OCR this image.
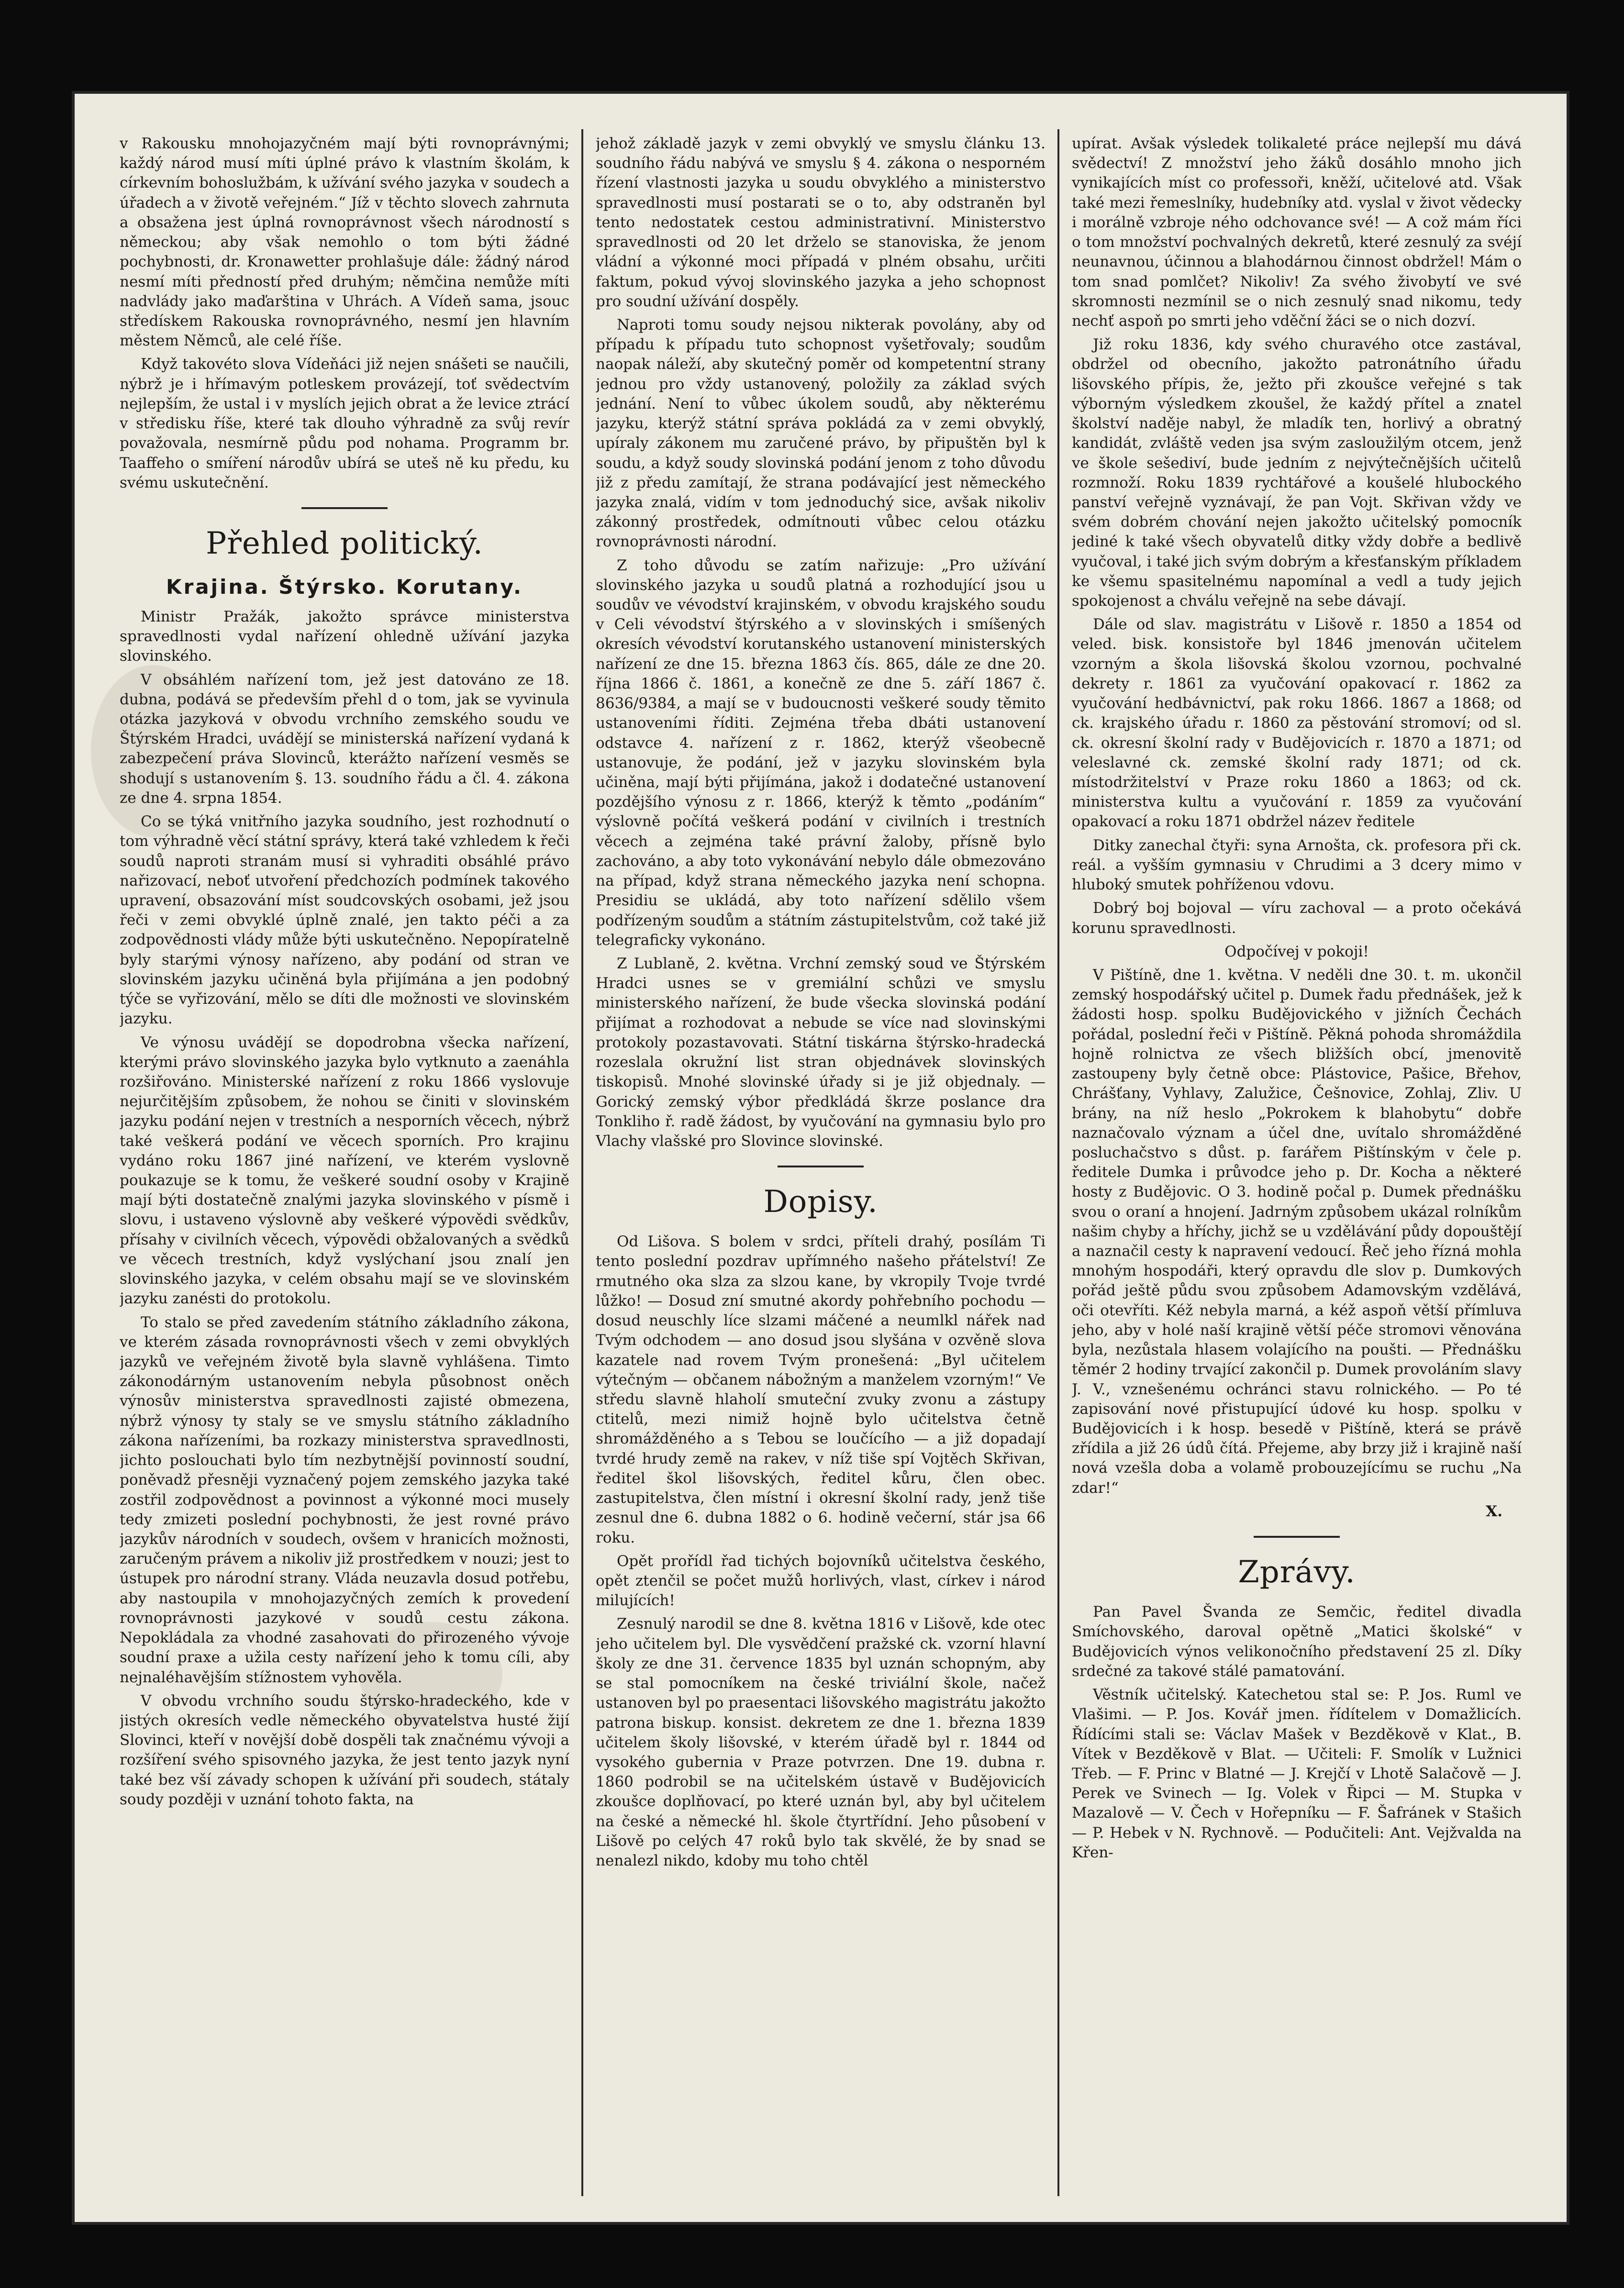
v Rakousku mnohojazyčném mají býti rovnoprávnými; každý národ musí míti úplné právo k vlastním školám, k církevním bohoslužbám, k užívání svého jazyka v soudech a úřadech a v životě veřejném.“ Jíž v těchto slovech zahrnuta a obsažena jest úplná rovnoprávnost všech národností s německou; aby však nemohlo o tom býti žádné pochybnosti, dr. Kronawetter prohlašuje dále: žádný národ nesmí míti předností před druhým; němčina nemůže míti nadvlády jako maďarština v Uhrách. A Vídeň sama, jsouc středískem Rakouska rovnoprávného, nesmí jen hlavním městem Němců, ale celé říše.

Když takovéto slova Vídeňáci již nejen snášeti se naučili, nýbrž je i hřímavým potleskem provázejí, toť svědectvím nejlepším, že ustal i v myslích jejich obrat a že levice ztrácí v středisku říše, které tak dlouho výhradně za svůj revír považovala, nesmírně půdu pod nohama. Programm br. Taaffeho o smíření národův ubírá se uteš ně ku předu, ku svému uskutečnění.

Přehled politický.
Krajina. Štýrsko. Korutany.

Ministr Pražák, jakožto správce ministerstva spravedlnosti vydal nařízení ohledně užívání jazyka slovinského.

V obsáhlém nařízení tom, jež jest datováno ze 18. dubna, podává se především přehl d o tom, jak se vyvinula otázka jazyková v obvodu vrchního zemského soudu ve Štýrském Hradci, uvádějí se ministerská nařízení vydaná k zabezpečení práva Slovinců, kterážto nařízení vesměs se shodují s ustanovením §. 13. soudního řádu a čl. 4. zákona ze dne 4. srpna 1854.

Co se týká vnitřního jazyka soudního, jest rozhodnutí o tom výhradně věcí státní správy, která také vzhledem k řeči soudů naproti stranám musí si vyhraditi obsáhlé právo nařizovací, neboť utvoření předchozích podmínek takového upravení, obsazování míst soudcovských osobami, jež jsou řeči v zemi obvyklé úplně znalé, jen takto péči a za zodpovědnosti vlády může býti uskutečněno. Nepopíratelně byly starými výnosy nařízeno, aby podání od stran ve slovinském jazyku učiněná byla přijímána a jen podobný týče se vyřizování, mělo se díti dle možnosti ve slovinském jazyku.

Ve výnosu uvádějí se dopodrobna všecka nařízení, kterými právo slovinského jazyka bylo vytknuto a zaenáhla rozšiřováno. Ministerské nařízení z roku 1866 vyslovuje nejurčitějším způsobem, že nohou se činiti v slovinském jazyku podání nejen v trestních a nesporních věcech, nýbrž také veškerá podání ve věcech sporních. Pro krajinu vydáno roku 1867 jiné nařízení, ve kterém vyslovně poukazuje se k tomu, že veškeré soudní osoby v Krajině mají býti dostatečně znalými jazyka slovinského v písmě i slovu, i ustaveno výslovně aby veškeré výpovědi svědkův, přísahy v civilních věcech, výpovědi obžalovaných a svědků ve věcech trestních, když vyslýchaní jsou znalí jen slovinského jazyka, v celém obsahu mají se ve slovinském jazyku zanésti do protokolu.

To stalo se před zavedením státního základního zákona, ve kterém zásada rovnoprávnosti všech v zemi obvyklých jazyků ve veřejném životě byla slavně vyhlášena. Timto zákonodárným ustanovením nebyla působnost oněch výnosův ministerstva spravedlnosti zajisté obmezena, nýbrž výnosy ty staly se ve smyslu státního základního zákona nařízeními, ba rozkazy ministerstva spravedlnosti, jichto poslouchati bylo tím nezbytnější povinností soudní, poněvadž přesněji vyznačený pojem zemského jazyka také zostřil zodpovědnost a povinnost a výkonné moci musely tedy zmizeti poslední pochybnosti, že jest rovné právo jazykův národních v soudech, ovšem v hranicích možnosti, zaručeným právem a nikoliv již prostředkem v nouzi; jest to ústupek pro národní strany. Vláda neuzavla dosud potřebu, aby nastoupila v mnohojazyčných zemích k provedení rovnoprávnosti jazykové v soudů cestu zákona. Nepokládala za vhodné zasahovati do přirozeného vývoje soudní praxe a užila cesty nařízení jeho k tomu cíli, aby nejnaléhavějším stížnostem vyhověla.

V obvodu vrchního soudu štýrsko-hradeckého, kde v jistých okresích vedle německého obyvatelstva husté žijí Slovinci, kteří v novější době dospěli tak značnému vývoji a rozšíření svého spisovného jazyka, že jest tento jazyk nyní také bez vší závady schopen k užívání při soudech, státaly soudy později v uznání tohoto fakta, na

jehož základě jazyk v zemi obvyklý ve smyslu článku 13. soudního řádu nabývá ve smyslu § 4. zákona o nesporném řízení vlastnosti jazyka u soudu obvyklého a ministerstvo spravedlnosti musí postarati se o to, aby odstraněn byl tento nedostatek cestou administrativní. Ministerstvo spravedlnosti od 20 let drželo se stanoviska, že jenom vládní a výkonné moci případá v plném obsahu, určiti faktum, pokud vývoj slovinského jazyka a jeho schopnost pro soudní užívání dospěly.

Naproti tomu soudy nejsou nikterak povolány, aby od případu k případu tuto schopnost vyšetřovaly; soudům naopak náleží, aby skutečný poměr od kompetentní strany jednou pro vždy ustanovený, položily za základ svých jednání. Není to vůbec úkolem soudů, aby některému jazyku, kterýž státní správa pokládá za v zemi obvyklý, upíraly zákonem mu zaručené právo, by připuštěn byl k soudu, a když soudy slovinská podání jenom z toho důvodu již z předu zamítají, že strana podávající jest německého jazyka znalá, vidím v tom jednoduchý sice, avšak nikoliv zákonný prostředek, odmítnouti vůbec celou otázku rovnoprávnosti národní.

Z toho důvodu se zatím nařizuje: „Pro užívání slovinského jazyka u soudů platná a rozhodující jsou u soudův ve vévodství krajinském, v obvodu krajského soudu v Celi vévodství štýrského a v slovinských i smíšených okresích vévodství korutanského ustanovení ministerských nařízení ze dne 15. března 1863 čís. 865, dále ze dne 20. října 1866 č. 1861, a konečně ze dne 5. září 1867 č. 8636/9384, a mají se v budoucnosti veškeré soudy těmito ustanoveními říditi. Zejména třeba dbáti ustanovení odstavce 4. nařízení z r. 1862, kterýž všeobecně ustanovuje, že podání, jež v jazyku slovinském byla učiněna, mají býti přijímána, jakož i dodatečné ustanovení pozdějšího výnosu z r. 1866, kterýž k těmto „podáním“ výslovně počítá veškerá podání v civilních i trestních věcech a zejména také právní žaloby, přísně bylo zachováno, a aby toto vykonávání nebylo dále obmezováno na případ, když strana německého jazyka není schopna. Presidiu se ukládá, aby toto nařízení sdělilo všem podřízeným soudům a státním zástupitelstvům, což také již telegraficky vykonáno.

Z Lublaně, 2. května. Vrchní zemský soud ve Štýrském Hradci usnes se v gremiální schůzi ve smyslu ministerského nařízení, že bude všecka slovinská podání přijímat a rozhodovat a nebude se více nad slovinskými protokoly pozastavovati. Státní tiskárna štýrsko-hradecká rozeslala okružní list stran objednávek slovinských tiskopisů. Mnohé slovinské úřady si je již objednaly. — Gorický zemský výbor předkládá škrze poslance dra Tonkliho ř. radě žádost, by vyučování na gymnasiu bylo pro Vlachy vlašské pro Slovince slovinské.

Dopisy.

Od Lišova. S bolem v srdci, příteli drahý, posílám Ti tento poslední pozdrav upřímného našeho přátelství! Ze rmutného oka slza za slzou kane, by vkropily Tvoje tvrdé lůžko! — Dosud zní smutné akordy pohřebního pochodu — dosud neuschly líce slzami máčené a neumlkl nářek nad Tvým odchodem — ano dosud jsou slyšána v ozvěně slova kazatele nad rovem Tvým pronešená: „Byl učitelem výtečným — občanem nábožným a manželem vzorným!“ Ve středu slavně hlaholí smuteční zvuky zvonu a zástupy ctitelů, mezi nimiž hojně bylo učitelstva četně shromážděného a s Tebou se loučícího — a již dopadají tvrdé hrudy země na rakev, v níž tiše spí Vojtěch Skřivan, ředitel škol lišovských, ředitel kůru, člen obec. zastupitelstva, člen místní i okresní školní rady, jenž tiše zesnul dne 6. dubna 1882 o 6. hodině večerní, stár jsa 66 roku.

Opět prořídl řad tichých bojovníků učitelstva českého, opět ztenčil se počet mužů horlivých, vlast, církev i národ milujících!

Zesnulý narodil se dne 8. května 1816 v Lišově, kde otec jeho učitelem byl. Dle vysvědčení pražské ck. vzorní hlavní školy ze dne 31. července 1835 byl uznán schopným, aby se stal pomocníkem na české triviální škole, načež ustanoven byl po praesentaci lišovského magistrátu jakožto patrona biskup. konsist. dekretem ze dne 1. března 1839 učitelem školy lišovské, v kterém úřadě byl r. 1844 od vysokého gubernia v Praze potvrzen. Dne 19. dubna r. 1860 podrobil se na učitelském ústavě v Budějovicích zkoušce doplňovací, po které uznán byl, aby byl učitelem na české a německé hl. škole čtyrtřídní. Jeho působení v Lišově po celých 47 roků bylo tak skvělé, že by snad se nenalezl nikdo, kdoby mu toho chtěl

upírat. Avšak výsledek tolikaleté práce nejlepší mu dává svědectví! Z množství jeho žáků dosáhlo mnoho jich vynikajících míst co professoři, kněží, učitelové atd. Však také mezi řemeslníky, hudebníky atd. vyslal v život vědecky i morálně vzbroje ného odchovance své! — A což mám říci o tom množství pochvalných dekretů, které zesnulý za svéjí neunavnou, účinnou a blahodárnou činnost obdržel! Mám o tom snad pomlčet? Nikoliv! Za svého živobytí ve své skromnosti nezmínil se o nich zesnulý snad nikomu, tedy nechť aspoň po smrti jeho vděční žáci se o nich dozví.

Již roku 1836, kdy svého churavého otce zastával, obdržel od obecního, jakožto patronátního úřadu lišovského přípis, že, ježto při zkoušce veřejné s tak výborným výsledkem zkoušel, že každý přítel a znatel školství naděje nabyl, že mladík ten, horlivý a obratný kandidát, zvláště veden jsa svým zasloužilým otcem, jenž ve škole sešediví, bude jedním z nejvýtečnějších učitelů rozmnoží. Roku 1839 rychtářové a koušelé hlubockého panství veřejně vyznávají, že pan Vojt. Skřivan vždy ve svém dobrém chování nejen jakožto učitelský pomocník jediné k také všech obyvatelů ditky vždy dobře a bedlivě vyučoval, i také jich svým dobrým a křesťanským příkladem ke všemu spasitelnému napomínal a vedl a tudy jejich spokojenost a chválu veřejně na sebe dávají.

Dále od slav. magistrátu v Lišově r. 1850 a 1854 od veled. bisk. konsistoře byl 1846 jmenován učitelem vzorným a škola lišovská školou vzornou, pochvalné dekrety r. 1861 za vyučování opakovací r. 1862 za vyučování hedbávnictví, pak roku 1866. 1867 a 1868; od ck. krajského úřadu r. 1860 za pěstování stromoví; od sl. ck. okresní školní rady v Budějovicích r. 1870 a 1871; od veleslavné ck. zemské školní rady 1871; od ck. místodržitelství v Praze roku 1860 a 1863; od ck. ministerstva kultu a vyučování r. 1859 za vyučování opakovací a roku 1871 obdržel název ředitele

Ditky zanechal čtyři: syna Arnošta, ck. profesora při ck. reál. a vyšším gymnasiu v Chrudimi a 3 dcery mimo v hluboký smutek pohříženou vdovu.

Dobrý boj bojoval — víru zachoval — a proto očekává korunu spravedlnosti.

Odpočívej v pokoji!

V Pištíně, dne 1. května. V neděli dne 30. t. m. ukončil zemský hospodářský učitel p. Dumek řadu přednášek, jež k žádosti hosp. spolku Budějovického v jižních Čechách pořádal, poslední řeči v Pištíně. Pěkná pohoda shromáždila hojně rolnictva ze všech bližších obcí, jmenovitě zastoupeny byly četně obce: Plástovice, Pašice, Břehov, Chrášťany, Vyhlavy, Zalužice, Češnovice, Zohlaj, Zliv. U brány, na níž heslo „Pokrokem k blahobytu“ dobře naznačovalo význam a účel dne, uvítalo shromážděné posluchačstvo s důst. p. farářem Pištínským v čele p. ředitele Dumka i průvodce jeho p. Dr. Kocha a některé hosty z Budějovic. O 3. hodině počal p. Dumek přednášku svou o oraní a hnojení. Jadrným způsobem ukázal rolníkům našim chyby a hříchy, jichž se u vzdělávání půdy dopouštějí a naznačil cesty k napravení vedoucí. Řeč jeho řízná mohla mnohým hospodáři, který opravdu dle slov p. Dumkových pořád ještě půdu svou způsobem Adamovským vzdělává, oči otevříti. Kéž nebyla marná, a kéž aspoň větší přímluva jeho, aby v holé naší krajině větší péče stromovi věnována byla, nezůstala hlasem volajícího na poušti. — Přednášku těmér 2 hodiny trvající zakončil p. Dumek provoláním slavy J. V., vznešenému ochránci stavu rolnického. — Po té zapisování nové přistupující údové ku hosp. spolku v Budějovicích i k hosp. besedě v Pištíně, která se právě zřídila a již 26 údů čítá. Přejeme, aby brzy již i krajině naší nová vzešla doba a volamě probouzejícímu se ruchu „Na zdar!“

X.
Zprávy.

Pan Pavel Švanda ze Semčic, ředitel divadla Smíchovského, daroval opětně „Matici školské“ v Budějovicích výnos velikonočního představení 25 zl. Díky srdečné za takové stálé pamatování.

Věstník učitelský. Katechetou stal se: P. Jos. Ruml ve Vlašimi. — P. Jos. Kovář jmen. řídítelem v Domažlicích. Řídícími stali se: Václav Mašek v Bezděkově v Klat., B. Vítek v Bezděkově v Blat. — Učiteli: F. Smolík v Lužnici Třeb. — F. Princ v Blatné — J. Krejčí v Lhotě Salačově — J. Perek ve Svinech — Ig. Volek v Řipci — M. Stupka v Mazalově — V. Čech v Hořepníku — F. Šafránek v Stašich — P. Hebek v N. Rychnově. — Podučiteli: Ant. Vejžvalda na Křen-
